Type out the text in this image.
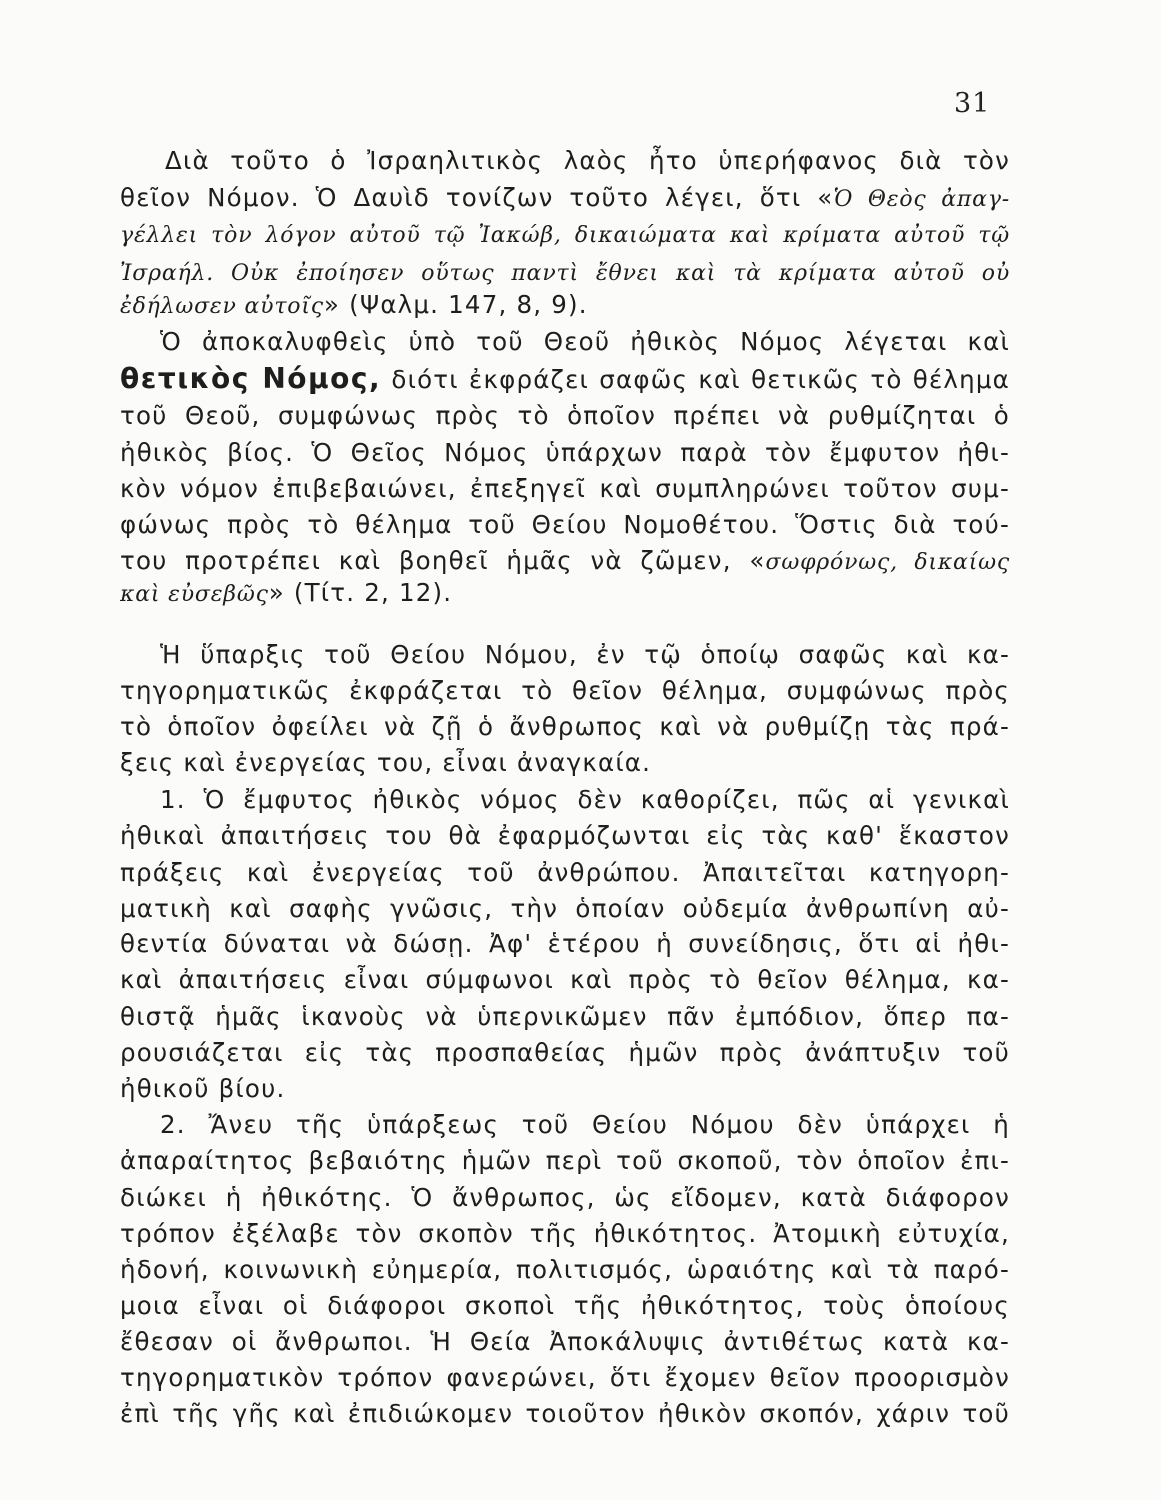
31
Διὰ τοῦτο ὁ Ἰσραηλιτικὸς λαὸς ἦτο ὑπερήφανος διὰ τὸν
θεῖον Νόμον. Ὁ Δαυὶδ τονίζων τοῦτο λέγει, ὅτι «Ὁ Θεὸς ἀπαγ-
γέλλει τὸν λόγον αὐτοῦ τῷ Ἰακώβ, δικαιώματα καὶ κρίματα αὐτοῦ τῷ
Ἰσραήλ. Οὐκ ἐποίησεν οὕτως παντὶ ἔθνει καὶ τὰ κρίματα αὐτοῦ οὐ
ἐδήλωσεν αὐτοῖς» (Ψαλμ. 147, 8, 9).
Ὁ ἀποκαλυφθεὶς ὑπὸ τοῦ Θεοῦ ἠθικὸς Νόμος λέγεται καὶ
θετικὸς Νόμος, διότι ἐκφράζει σαφῶς καὶ θετικῶς τὸ θέλημα
τοῦ Θεοῦ, συμφώνως πρὸς τὸ ὁποῖον πρέπει νὰ ρυθμίζηται ὁ
ἠθικὸς βίος. Ὁ Θεῖος Νόμος ὑπάρχων παρὰ τὸν ἔμφυτον ἠθι-
κὸν νόμον ἐπιβεβαιώνει, ἐπεξηγεῖ καὶ συμπληρώνει τοῦτον συμ-
φώνως πρὸς τὸ θέλημα τοῦ Θείου Νομοθέτου. Ὅστις διὰ τού-
του προτρέπει καὶ βοηθεῖ ἡμᾶς νὰ ζῶμεν, «σωφρόνως, δικαίως
καὶ εὐσεβῶς» (Τίτ. 2, 12).
Ἡ ὕπαρξις τοῦ Θείου Νόμου, ἐν τῷ ὁποίῳ σαφῶς καὶ κα-
τηγορηματικῶς ἐκφράζεται τὸ θεῖον θέλημα, συμφώνως πρὸς
τὸ ὁποῖον ὀφείλει νὰ ζῇ ὁ ἄνθρωπος καὶ νὰ ρυθμίζῃ τὰς πρά-
ξεις καὶ ἐνεργείας του, εἶναι ἀναγκαία.
1. Ὁ ἔμφυτος ἠθικὸς νόμος δὲν καθορίζει, πῶς αἱ γενικαὶ
ἠθικαὶ ἀπαιτήσεις του θὰ ἐφαρμόζωνται εἰς τὰς καθ' ἕκαστον
πράξεις καὶ ἐνεργείας τοῦ ἀνθρώπου. Ἀπαιτεῖται κατηγορη-
ματικὴ καὶ σαφὴς γνῶσις, τὴν ὁποίαν οὐδεμία ἀνθρωπίνη αὐ-
θεντία δύναται νὰ δώσῃ. Ἀφ' ἑτέρου ἡ συνείδησις, ὅτι αἱ ἠθι-
καὶ ἀπαιτήσεις εἶναι σύμφωνοι καὶ πρὸς τὸ θεῖον θέλημα, κα-
θιστᾷ ἡμᾶς ἱκανοὺς νὰ ὑπερνικῶμεν πᾶν ἐμπόδιον, ὅπερ πα-
ρουσιάζεται εἰς τὰς προσπαθείας ἡμῶν πρὸς ἀνάπτυξιν τοῦ
ἠθικοῦ βίου.
2. Ἄνευ τῆς ὑπάρξεως τοῦ Θείου Νόμου δὲν ὑπάρχει ἡ
ἀπαραίτητος βεβαιότης ἡμῶν περὶ τοῦ σκοποῦ, τὸν ὁποῖον ἐπι-
διώκει ἡ ἠθικότης. Ὁ ἄνθρωπος, ὡς εἴδομεν, κατὰ διάφορον
τρόπον ἐξέλαβε τὸν σκοπὸν τῆς ἠθικότητος. Ἀτομικὴ εὐτυχία,
ἡδονή, κοινωνικὴ εὐημερία, πολιτισμός, ὡραιότης καὶ τὰ παρό-
μοια εἶναι οἱ διάφοροι σκοποὶ τῆς ἠθικότητος, τοὺς ὁποίους
ἔθεσαν οἱ ἄνθρωποι. Ἡ Θεία Ἀποκάλυψις ἀντιθέτως κατὰ κα-
τηγορηματικὸν τρόπον φανερώνει, ὅτι ἔχομεν θεῖον προορισμὸν
ἐπὶ τῆς γῆς καὶ ἐπιδιώκομεν τοιοῦτον ἠθικὸν σκοπόν, χάριν τοῦ
